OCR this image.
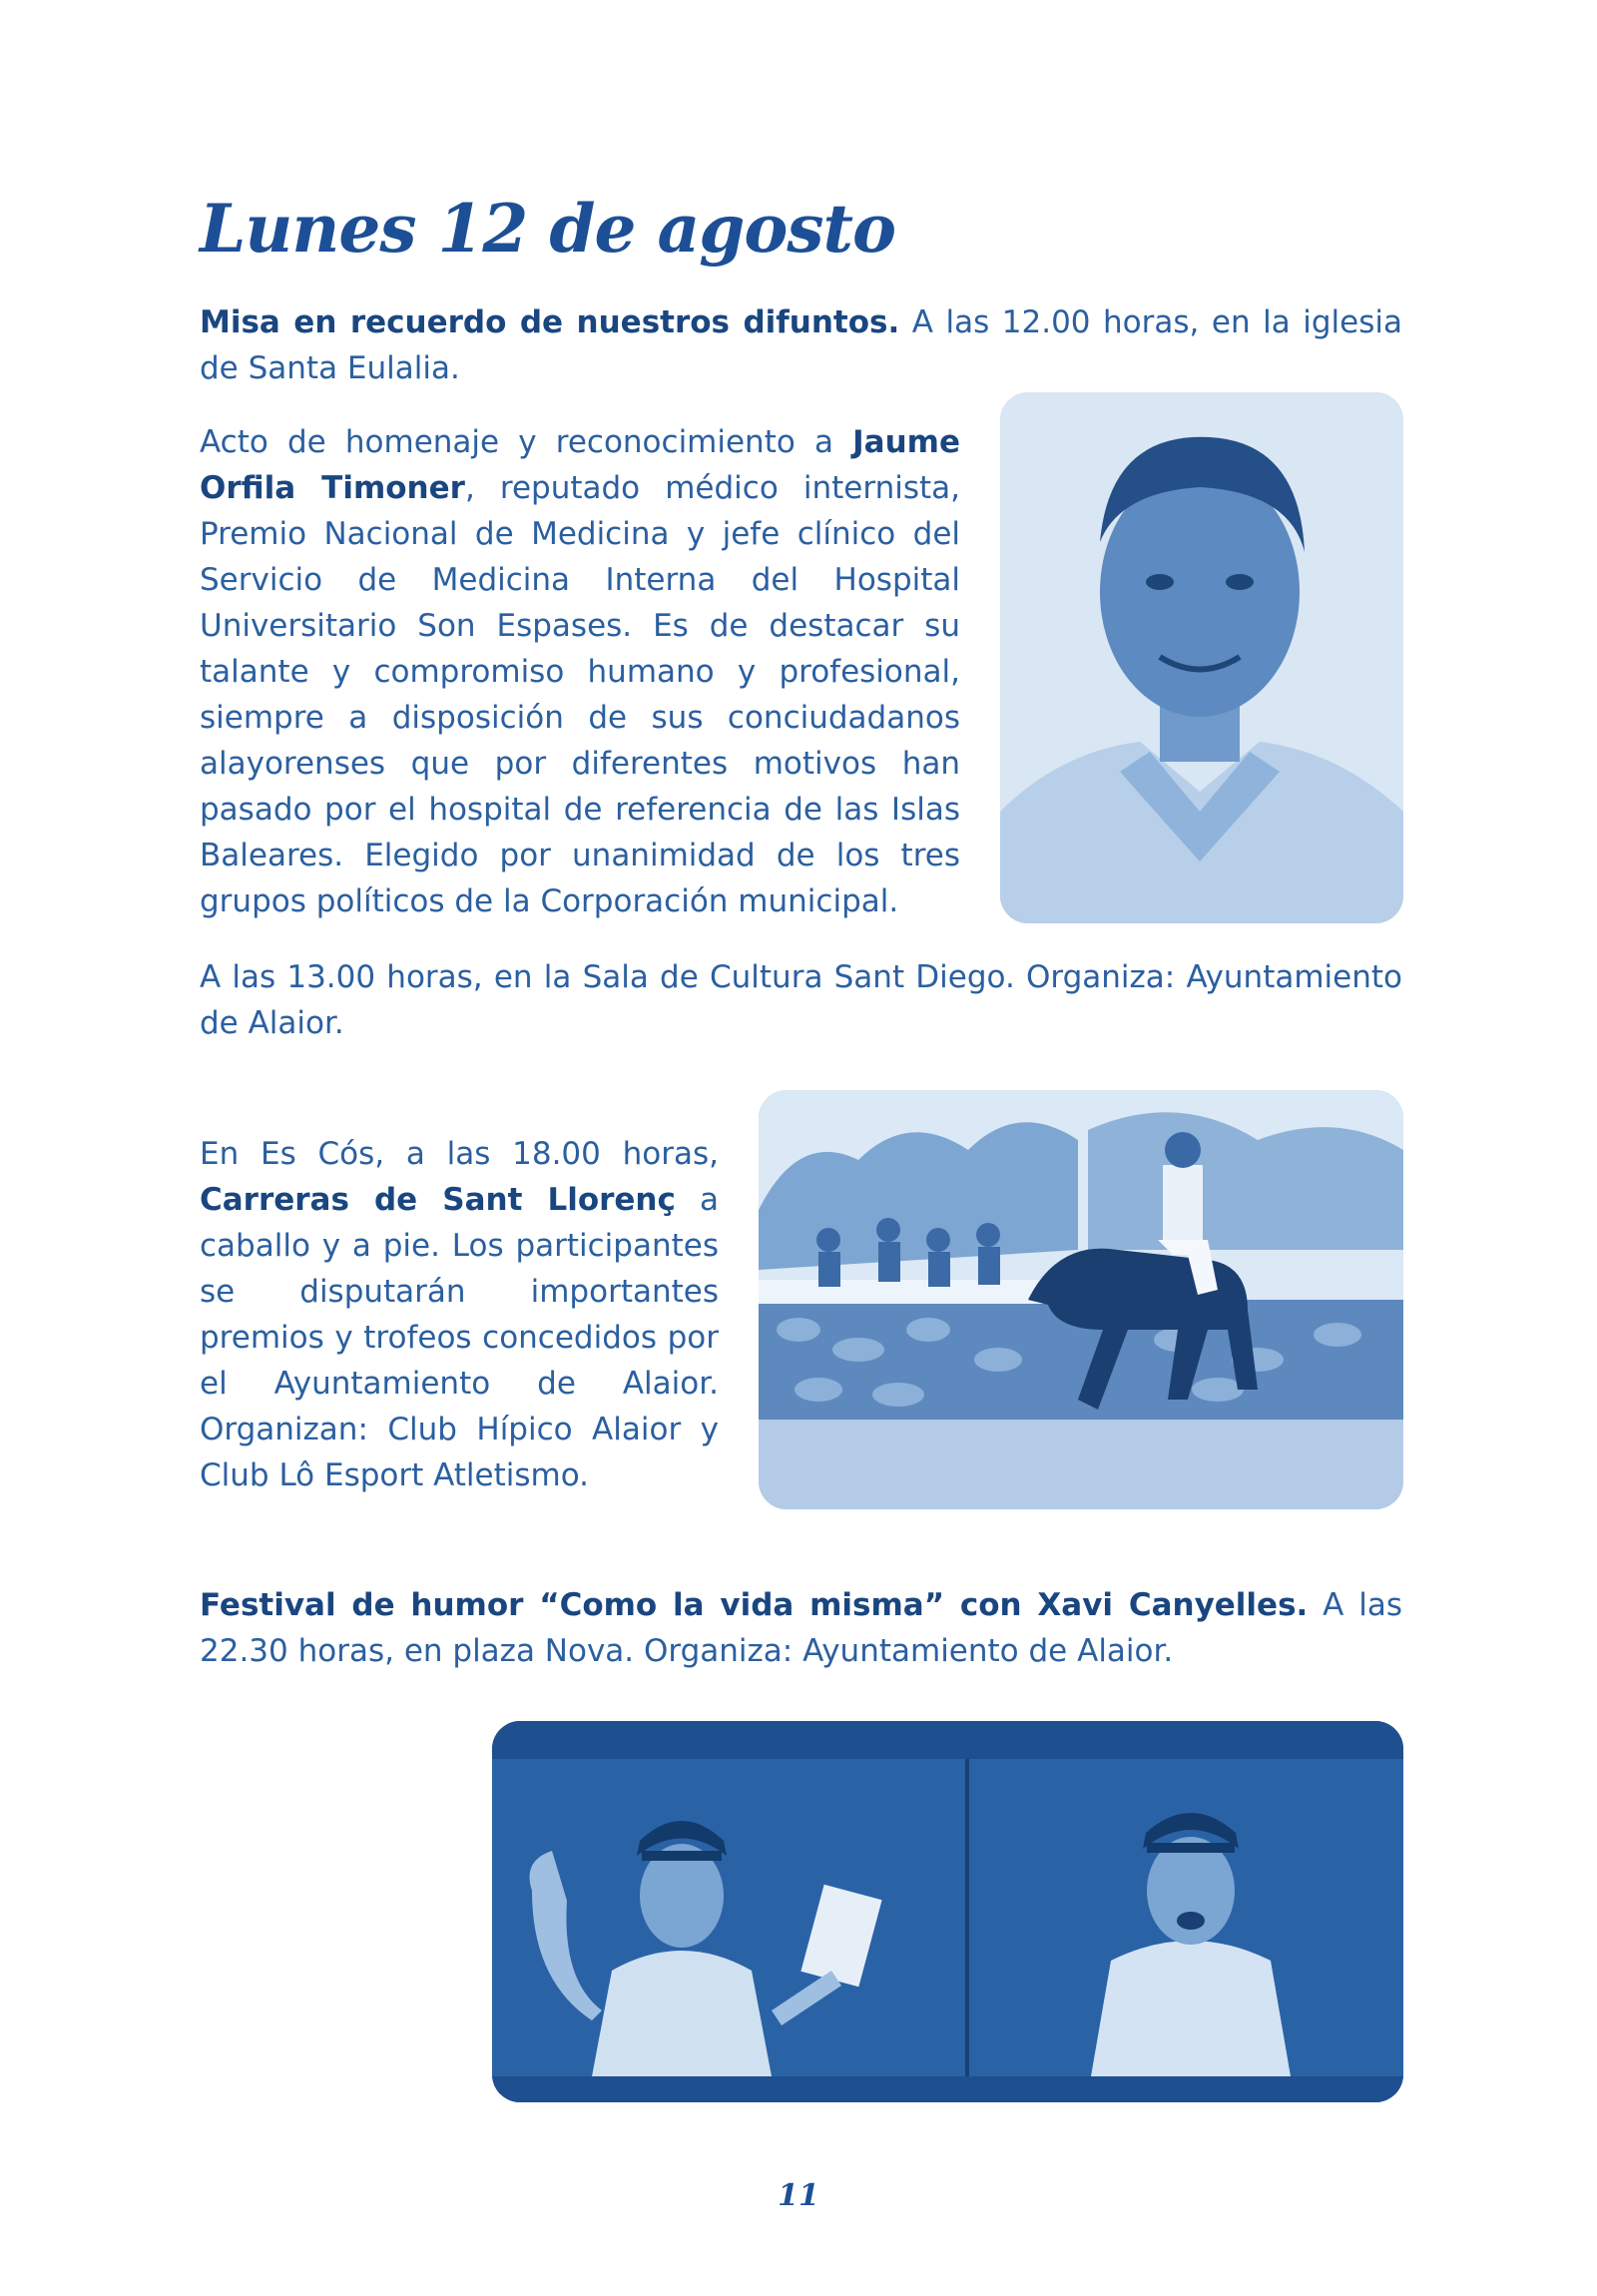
Lunes 12 de agosto

Misa en recuerdo de nuestros difuntos. A las 12.00 horas, en la iglesia de Santa Eulalia.

Acto de homenaje y reconocimiento a Jaume Orfila Timoner, reputado médico internista, Premio Nacional de Medicina y jefe clínico del Servicio de Medicina Interna del Hospital Universitario Son Espases. Es de destacar su talante y compromiso humano y profesional, siempre a disposición de sus conciudadanos alayorenses que por diferentes motivos han pasado por el hospital de referencia de las Islas Baleares. Elegido por unanimidad de los tres grupos políticos de la Corporación municipal.

A las 13.00 horas, en la Sala de Cultura Sant Diego. Organiza: Ayuntamiento de Alaior.

En Es Cós, a las 18.00 horas, Carreras de Sant Llorenç a caballo y a pie. Los participantes se disputarán importantes premios y trofeos concedidos por el Ayuntamiento de Alaior. Organizan: Club Hípico Alaior y Club Lô Esport Atletismo.

Festival de humor “Como la vida misma” con Xavi Canyelles. A las 22.30 horas, en plaza Nova. Organiza: Ayuntamiento de Alaior.

11
